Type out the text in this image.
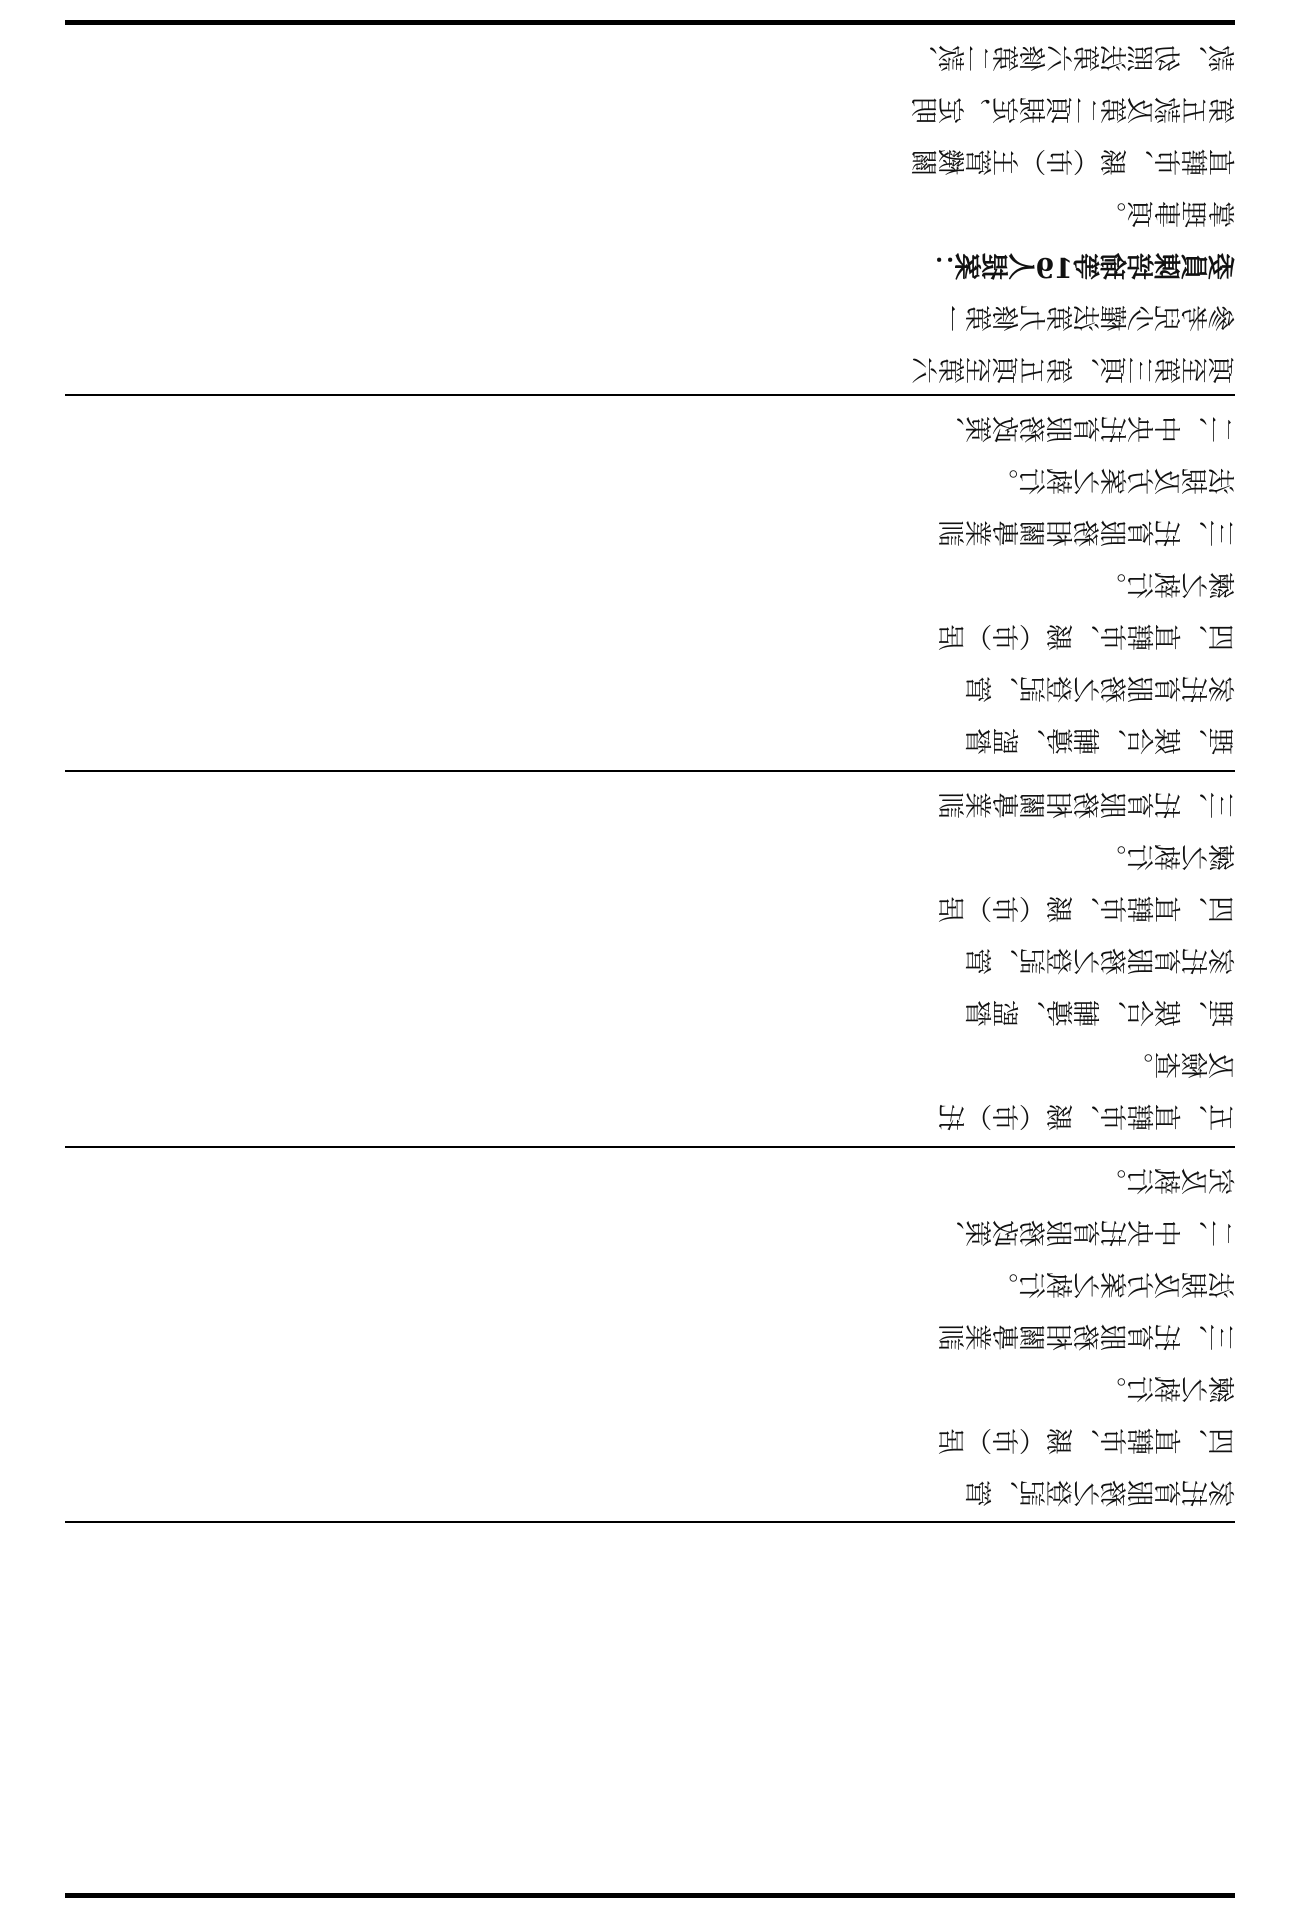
款、幼照法第六條第二款、
第五款及第二項規定，定明
直轄市、縣（市）主管機關
掌理事項。
委員陳培瑜等19人提案：
參考兒少權法第九條第一
項至第三項、第五項至第六
二、中央托育服務政策、
法規及方案之執行。
三、托育服務相關專業訓
練之執行。
四、直轄市、縣（市）居
家托育服務之登記、管
理、媒合、輔導、監督
三、托育服務相關專業訓
練之執行。
四、直轄市、縣（市）居
家托育服務之登記、管
理、媒合、輔導、監督
及檢查。
五、直轄市、縣（市）托
究及執行。
二、中央托育服務政策、
法規及方案之執行。
三、托育服務相關專業訓
練之執行。
四、直轄市、縣（市）居
家托育服務之登記、管
